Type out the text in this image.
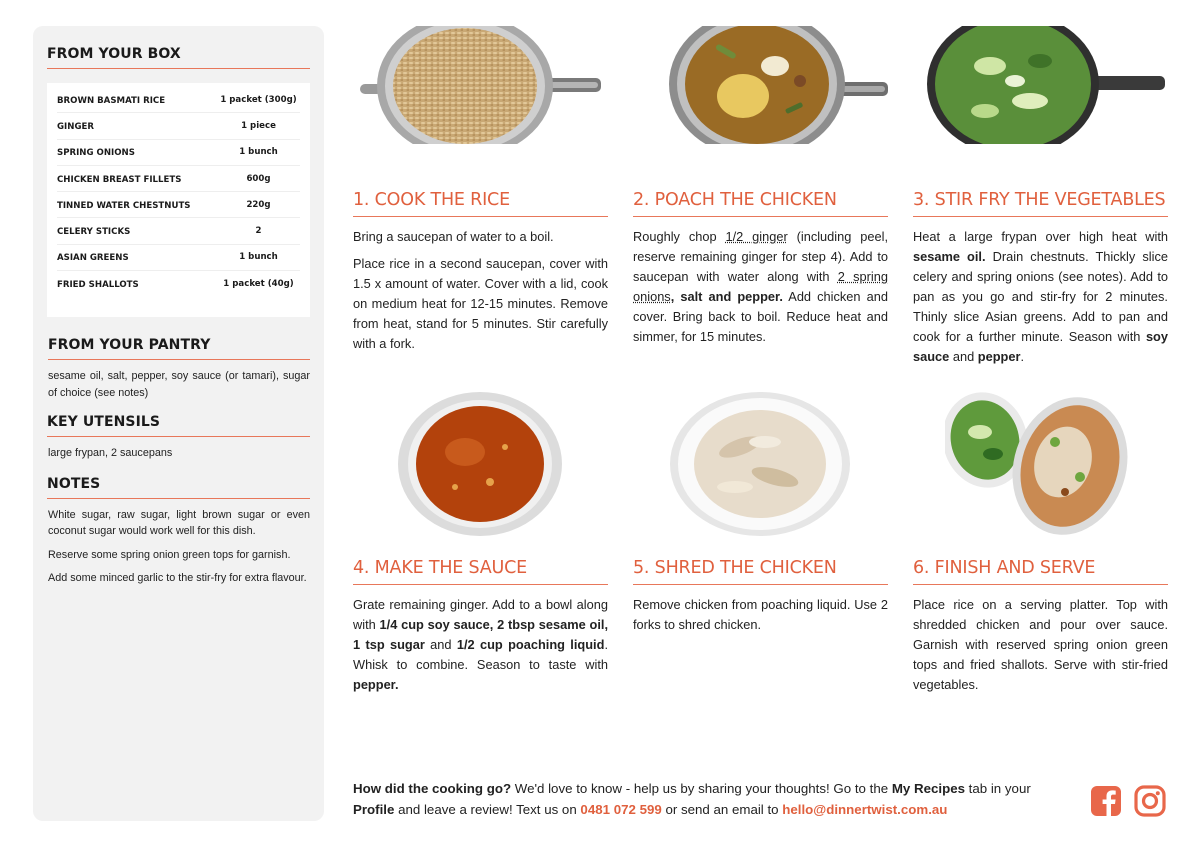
FROM YOUR BOX
BROWN BASMATI RICE	1 packet (300g)
GINGER	1 piece
SPRING ONIONS	1 bunch
CHICKEN BREAST FILLETS	600g
TINNED WATER CHESTNUTS	220g
CELERY STICKS	2
ASIAN GREENS	1 bunch
FRIED SHALLOTS	1 packet (40g)
FROM YOUR PANTRY
sesame oil, salt, pepper, soy sauce (or tamari), sugar of choice (see notes)
KEY UTENSILS
large frypan, 2 saucepans
NOTES

White sugar, raw sugar, light brown sugar or even coconut sugar would work well for this dish.

Reserve some spring onion green tops for garnish.

Add some minced garlic to the stir-fry for extra flavour.

1. COOK THE RICE

Bring a saucepan of water to a boil.

Place rice in a second saucepan, cover with 1.5 x amount of water. Cover with a lid, cook on medium heat for 12-15 minutes. Remove from heat, stand for 5 minutes. Stir carefully with a fork.

2. POACH THE CHICKEN

Roughly chop 1/2 ginger (including peel, reserve remaining ginger for step 4). Add to saucepan with water along with 2 spring onions, salt and pepper. Add chicken and cover. Bring back to boil. Reduce heat and simmer, for 15 minutes.

3. STIR FRY THE VEGETABLES

Heat a large frypan over high heat with sesame oil. Drain chestnuts. Thickly slice celery and spring onions (see notes). Add to pan as you go and stir-fry for 2 minutes. Thinly slice Asian greens. Add to pan and cook for a further minute. Season with soy sauce and pepper.

4. MAKE THE SAUCE

Grate remaining ginger. Add to a bowl along with 1/4 cup soy sauce, 2 tbsp sesame oil, 1 tsp sugar and 1/2 cup poaching liquid. Whisk to combine. Season to taste with pepper.

5. SHRED THE CHICKEN

Remove chicken from poaching liquid. Use 2 forks to shred chicken.

6. FINISH AND SERVE

Place rice on a serving platter. Top with shredded chicken and pour over sauce. Garnish with reserved spring onion green tops and fried shallots. Serve with stir-fried vegetables.

How did the cooking go? We'd love to know - help us by sharing your thoughts! Go to the My Recipes tab in your Profile and leave a review! Text us on 0481 072 599 or send an email to hello@dinnertwist.com.au
